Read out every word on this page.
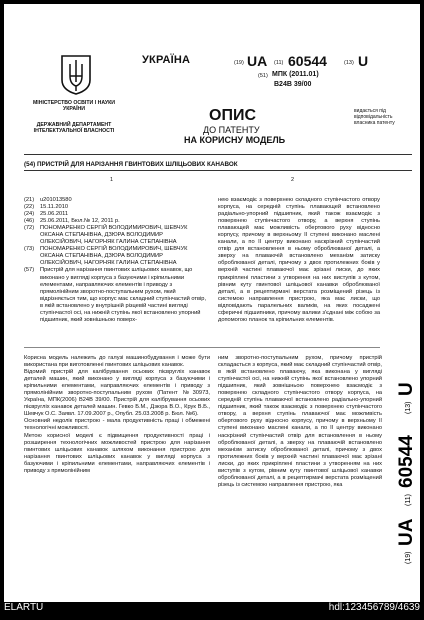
МІНІСТЕРСТВО ОСВІТИ І НАУКИ УКРАЇНИ
ДЕРЖАВНИЙ ДЕПАРТАМЕНТ ІНТЕЛЕКТУАЛЬНОЇ ВЛАСНОСТІ
УКРАЇНА	(19) UA (11) 60544	(13) U
(51) МПК (2011.01)
B24B 39/00
ОПИС
ДО ПАТЕНТУ
НА КОРИСНУ МОДЕЛЬ
видається під відповідальність власника патенту
(54) ПРИСТРІЙ ДЛЯ НАРІЗАННЯ ГВИНТОВИХ ШЛІЦЬОВИХ КАНАВОК
1	2
(21)	u201013580
(22)	15.11.2010
(24)	25.06.2011
(46)	25.06.2011, Бюл.№ 12, 2011 р.
(72)	ПОНОМАРЕНКО СЕРГІЙ ВОЛОДИМИРОВИЧ, ШЕВЧУК ОКСАНА СТЕПАНІВНА, ДЗЮРА ВОЛОДИМИР ОЛЕКСІЙОВИЧ, НАГОРНЯК ГАЛИНА СТЕПАНІВНА
(73)	ПОНОМАРЕНКО СЕРГІЙ ВОЛОДИМИРОВИЧ, ШЕВЧУК ОКСАНА СТЕПАНІВНА, ДЗЮРА ВОЛОДИМИР ОЛЕКСІЙОВИЧ, НАГОРНЯК ГАЛИНА СТЕПАНІВНА
(57)	Пристрій для нарізання гвинтових шліцьових канавок, що виконано у вигляді корпуса з базуючими і кріпильними елементами, направляючих елементів і приводу з прямолінійним зворотно-поступальним рухом, який відрізняється тим, що корпус має складний ступінчастий отвір, в якій встановлено у внутрішній різцевій частині вигляді ступінчастої осі, на нижній ступінь якої встановлено упорний підшипник, який зовнішньою поверх-
нею взаємодіє з поверхнею складного ступінчастого отвору корпуса, на середній ступінь плавающей встановлено радіально-упорний підшипник, який також взаємодіє з поверхнею ступінчастого отвору, а верхня ступінь плавающей має можливість обертового руху відносно корпусу, причому в верхньому II ступені виконано маслені канали, а по II центру виконано наскрізний ступінчастий отвір для встановлення в ньому оброблюваної деталі, а зверху на плаваючій встановлено механізм затиску оброблюваної деталі, причому з двох протилежних боків у верхній частині плаваючої має зрізані лиски, до яких прикріплені пластини з утворення на них виступів з кутом, рівним куту гвинтової шліцьової канавки оброблюваної деталі, а в рецептирмачі верстата розміщений різець із системою направлення пристрою, яка має лиски, що відповідають паралельних валиків, на яких посаджені сферичні підшипники, причому валики з'єднані між собою за допомогою планок та кріпильних елементів.
Корисна модель належить до галузі машинобудування і може бути використана при виготовленні гвинтових шліцьових канавок.
Відомий пристрій для калібрування осьових пієвругліх канавок деталей машин, який виконано у вигляді корпуса з базуючими і кріпильними елементами, направляючих елементів і приводу з прямолінійним зворотно-поступальним рухом (Патент №30973, Україна, МПК(2006) В24В 39/00. Пристрій для калібрування осьових пієвругліх канавок деталей машин. Гевко Б.М., Дзюра В.О., Крук В.Б., Шевчук О.С. Заявл. 17.09.2007 р., Опубл. 25.03.2008 р. Бюл. №6).
Основний недолік пристрою - мала продуктивність праці і обмежені технологічні можливості.
Метою корисної моделі є підвищення продуктивності праці і розширення технологічних можливостей пристрою для нарізання гвинтових шліцьових канавок шляхом виконання пристрою для нарізання гвинтових шліцьових канавок у вигляді корпуса з базуючими і кріпильними елементами, направляючих елементів і приводу з прямолінійним
ним зворотно-поступальним рухом, причому пристрій складається з корпуса, який має складний ступінчастий отвір, в якій встановлено плаваючу, яка виконана у вигляді ступінчастої осі, на нижній ступінь якої встановлено упорний підшипник, який зовнішньою поверхнею взаємодіє з поверхнею складного ступінчастого отвору корпуса, на середній ступінь плаваючої встановлено радіально-упорний підшипник, який також взаємодіє з поверхнею ступінчастого отвору, а верхня ступінь плаваючої має можливість обертового руху відносно корпусу, причому в верхньому II ступені виконано маслені канали, а по II центру виконано наскрізний ступінчастий отвір для встановлення в ньому оброблюваної деталі, а зверху на плаваючій встановлено механізм затиску оброблюваної деталі, причому з двох протилежних боків у верхній частині плаваючої має зрізані лиски, до яких прикріплені пластини з утворенням на них виступів з кутом, рівним куту гвинтової шліцьової канавки оброблюваної деталі, а в рецептирмачі верстата розміщений різець із системою направлення пристрою, яка
(19)
UA
(11)
60544
(13)
U
ELARTU	hdl:123456789/4639
